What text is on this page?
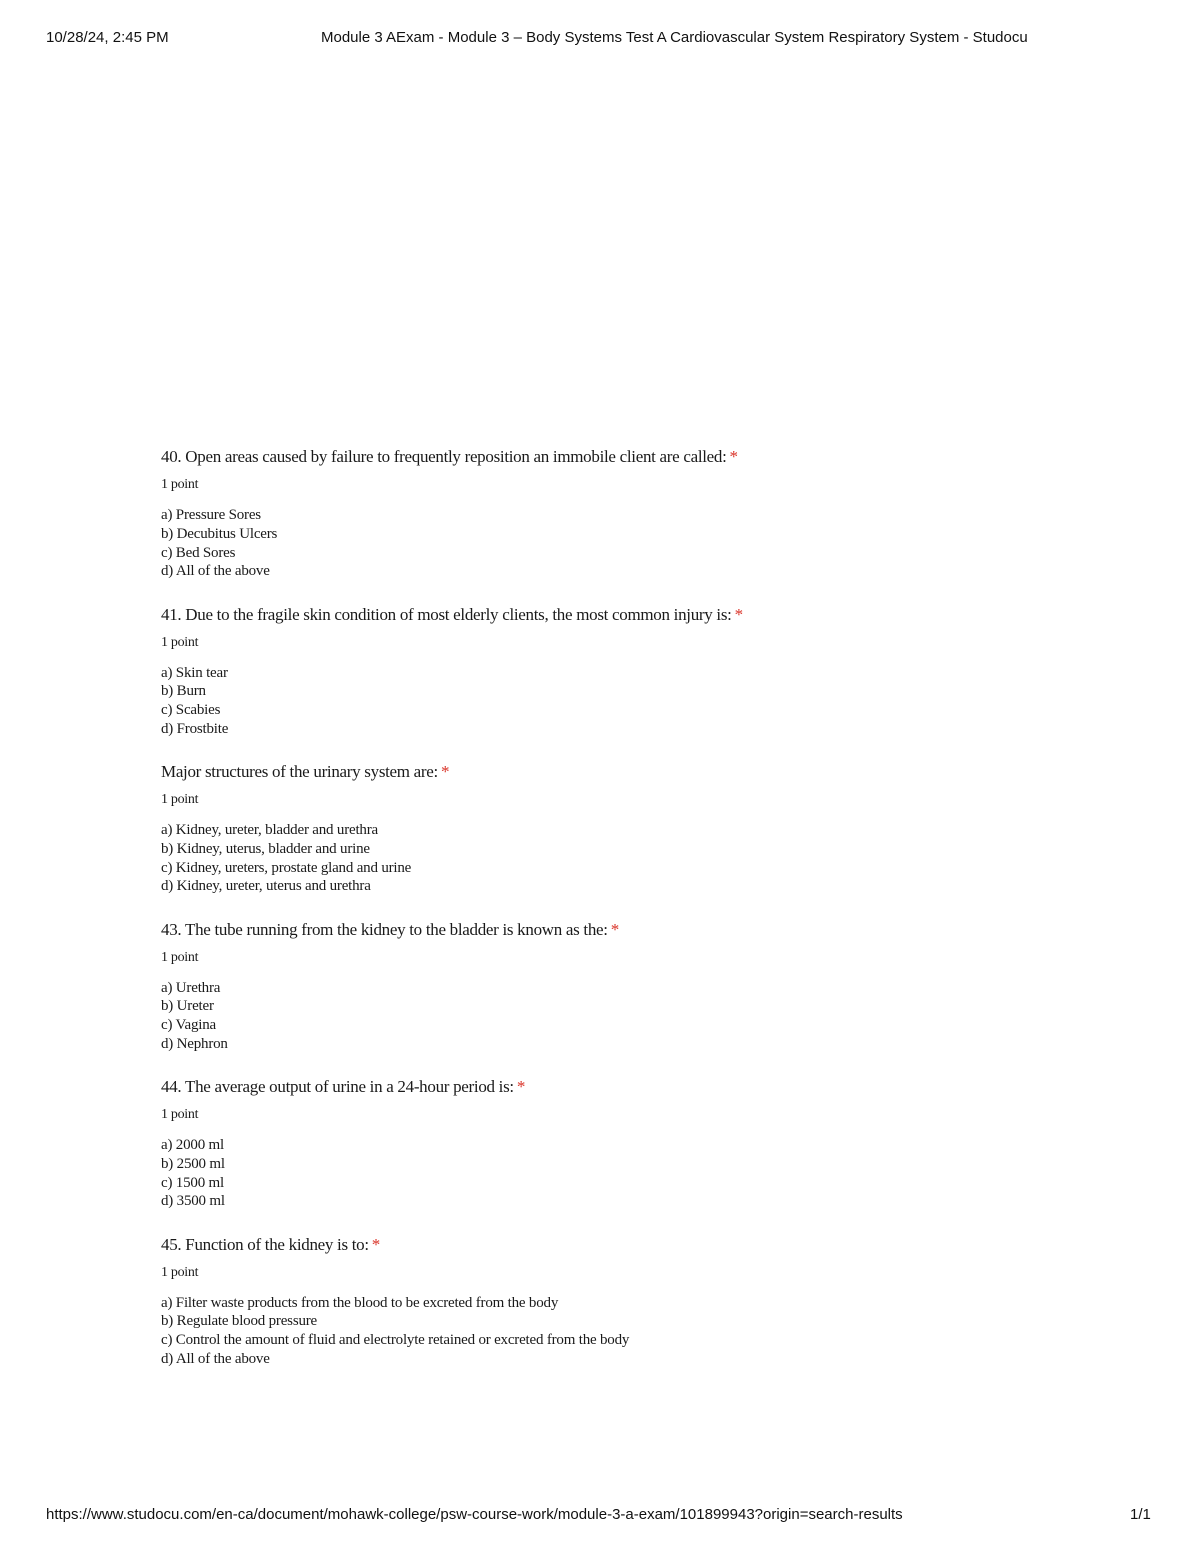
10/28/24, 2:45 PM	Module 3 AExam - Module 3 – Body Systems Test A Cardiovascular System Respiratory System - Studocu
40. Open areas caused by failure to frequently reposition an immobile client are called: *
1 point
a) Pressure Sores
b) Decubitus Ulcers
c) Bed Sores
d) All of the above
41. Due to the fragile skin condition of most elderly clients, the most common injury is: *
1 point
a) Skin tear
b) Burn
c) Scabies
d) Frostbite
Major structures of the urinary system are: *
1 point
a) Kidney, ureter, bladder and urethra
b) Kidney, uterus, bladder and urine
c) Kidney, ureters, prostate gland and urine
d) Kidney, ureter, uterus and urethra
43. The tube running from the kidney to the bladder is known as the: *
1 point
a) Urethra
b) Ureter
c) Vagina
d) Nephron
44. The average output of urine in a 24-hour period is: *
1 point
a) 2000 ml
b) 2500 ml
c) 1500 ml
d) 3500 ml
45. Function of the kidney is to: *
1 point
a) Filter waste products from the blood to be excreted from the body
b) Regulate blood pressure
c) Control the amount of fluid and electrolyte retained or excreted from the body
d) All of the above
https://www.studocu.com/en-ca/document/mohawk-college/psw-course-work/module-3-a-exam/101899943?origin=search-results	1/1
